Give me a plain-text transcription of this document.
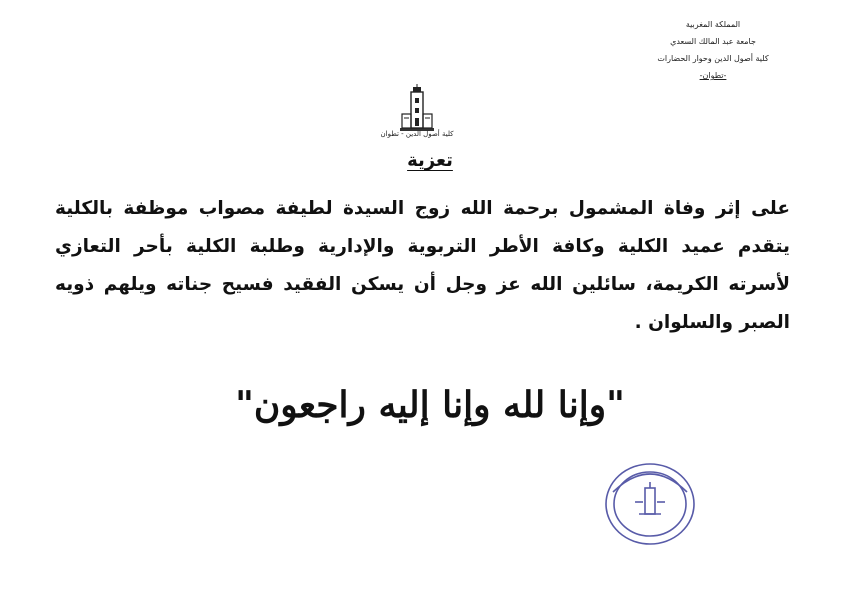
المملكة المغربية
جامعة عبد المالك السعدي
كلية أصول الدين وحوار الحضارات
-تطوان-
كلية أصول الدين - تطوان
تعزية
على إثر وفاة المشمول برحمة الله زوج السيدة لطيفة مصواب موظفة بالكلية يتقدم عميد الكلية وكافة الأطر التربوية والإدارية وطلبة الكلية بأحر التعازي لأسرته الكريمة، سائلين الله عز وجل أن يسكن الفقيد فسيح جناته ويلهم ذويه الصبر والسلوان .
"وإنا لله وإنا إليه راجعون"
